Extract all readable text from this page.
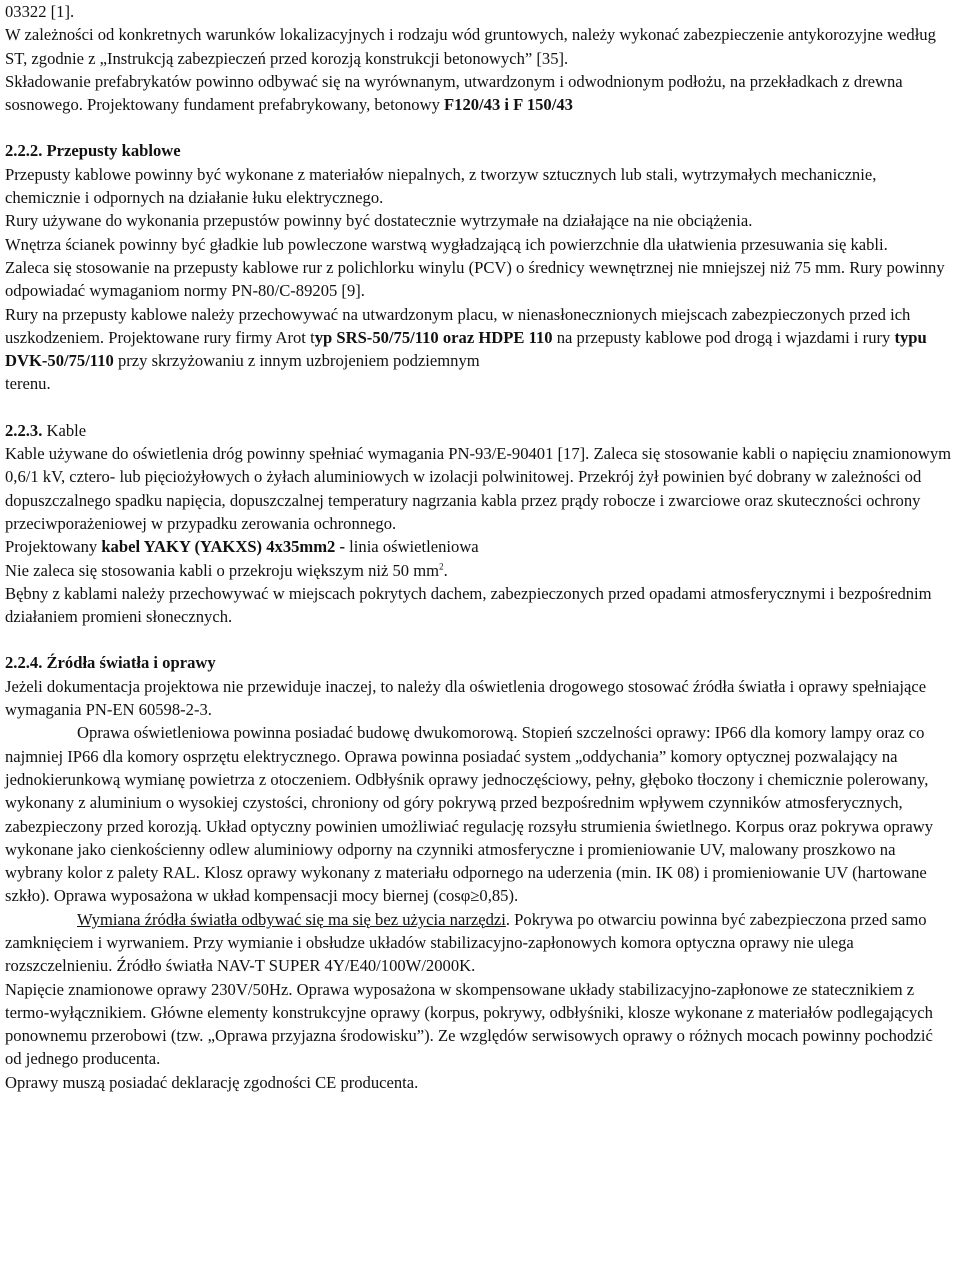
03322 [1].

W zależności od konkretnych warunków lokalizacyjnych i rodzaju wód gruntowych, należy wykonać zabezpieczenie antykorozyjne według ST, zgodnie z „Instrukcją zabezpieczeń przed korozją konstrukcji betonowych” [35].

Składowanie prefabrykatów powinno odbywać się na wyrównanym, utwardzonym i odwodnionym podłożu, na przekładkach z drewna sosnowego. Projektowany fundament prefabrykowany, betonowy F120/43 i F 150/43

2.2.2. Przepusty kablowe

Przepusty kablowe powinny być wykonane z materiałów niepalnych, z tworzyw sztucznych lub stali, wytrzymałych mechanicznie, chemicznie i odpornych na działanie łuku elektrycznego.

Rury używane do wykonania przepustów powinny być dostatecznie wytrzymałe na działające na nie obciążenia.

Wnętrza ścianek powinny być gładkie lub powleczone warstwą wygładzającą ich powierzchnie dla ułatwienia przesuwania się kabli.

Zaleca się stosowanie na przepusty kablowe rur z polichlorku winylu (PCV) o średnicy wewnętrznej nie mniejszej niż 75 mm. Rury powinny odpowiadać wymaganiom normy PN-80/C-89205 [9].

Rury na przepusty kablowe należy przechowywać na utwardzonym placu, w nienasłonecznionych miejscach zabezpieczonych przed ich uszkodzeniem. Projektowane rury firmy Arot typ SRS-50/75/110 oraz HDPE 110 na przepusty kablowe pod drogą i wjazdami i rury typu DVK-50/75/110 przy skrzyżowaniu z innym uzbrojeniem podziemnym

terenu.

2.2.3. Kable

Kable używane do oświetlenia dróg powinny spełniać wymagania PN-93/E-90401 [17]. Zaleca się stosowanie kabli o napięciu znamionowym 0,6/1 kV, cztero- lub pięciożyłowych o żyłach aluminiowych w izolacji polwinitowej. Przekrój żył powinien być dobrany w zależności od dopuszczalnego spadku napięcia, dopuszczalnej temperatury nagrzania kabla przez prądy robocze i zwarciowe oraz skuteczności ochrony przeciwporażeniowej w przypadku zerowania ochronnego.

Projektowany kabel YAKY (YAKXS) 4x35mm2 - linia oświetleniowa

Nie zaleca się stosowania kabli o przekroju większym niż 50 $mm^2$.

Bębny z kablami należy przechowywać w miejscach pokrytych dachem, zabezpieczonych przed opadami atmosferycznymi i bezpośrednim działaniem promieni słonecznych.

2.2.4. Źródła światła i oprawy

Jeżeli dokumentacja projektowa nie przewiduje inaczej, to należy dla oświetlenia drogowego stosować źródła światła i oprawy spełniające wymagania PN-EN 60598-2-3.

Oprawa oświetleniowa powinna posiadać budowę dwukomorową. Stopień szczelności oprawy: IP66 dla komory lampy oraz co najmniej IP66 dla komory osprzętu elektrycznego. Oprawa powinna posiadać system „oddychania” komory optycznej pozwalający na jednokierunkową wymianę powietrza z otoczeniem. Odbłyśnik oprawy jednoczęściowy, pełny, głęboko tłoczony i chemicznie polerowany, wykonany z aluminium o wysokiej czystości, chroniony od góry pokrywą przed bezpośrednim wpływem czynników atmosferycznych, zabezpieczony przed korozją. Układ optyczny powinien umożliwiać regulację rozsyłu strumienia świetlnego. Korpus oraz pokrywa oprawy wykonane jako cienkościenny odlew aluminiowy odporny na czynniki atmosferyczne i promieniowanie UV, malowany proszkowo na wybrany kolor z palety RAL. Klosz oprawy wykonany z materiału odpornego na uderzenia (min. IK 08) i promieniowanie UV (hartowane szkło). Oprawa wyposażona w układ kompensacji mocy biernej (cosφ≥0,85).

Wymiana źródła światła odbywać się ma się bez użycia narzędzi. Pokrywa po otwarciu powinna być zabezpieczona przed samo zamknięciem i wyrwaniem. Przy wymianie i obsłudze układów stabilizacyjno-zapłonowych komora optyczna oprawy nie ulega rozszczelnieniu. Źródło światła NAV-T SUPER 4Y/E40/100W/2000K.

Napięcie znamionowe oprawy 230V/50Hz. Oprawa wyposażona w skompensowane układy stabilizacyjno-zapłonowe ze statecznikiem z termo-wyłącznikiem. Główne elementy konstrukcyjne oprawy (korpus, pokrywy, odbłyśniki, klosze wykonane z materiałów podlegających ponownemu przerobowi (tzw. „Oprawa przyjazna środowisku”). Ze względów serwisowych oprawy o różnych mocach powinny pochodzić od jednego producenta.

Oprawy muszą posiadać deklarację zgodności CE producenta.
